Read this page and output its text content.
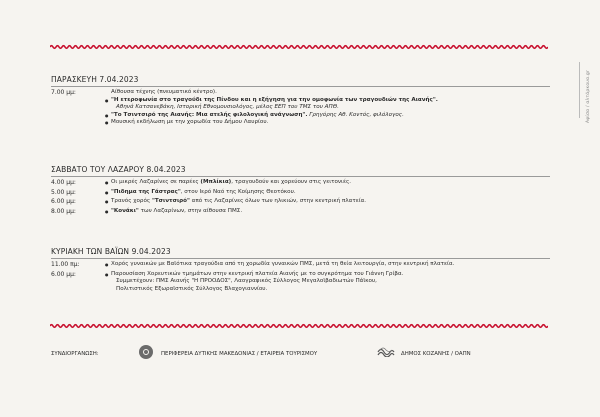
Αφίσα / αλτάρκουα.gr
ΠΑΡΑΣΚΕΥΗ 7.04.2023
7.00 μμ:	Αίθουσα τέχνης (πνευματικό κέντρο).
● "Η ετεροφωνία στο τραγούδι της Πίνδου και η εξήγηση για την ομοφωνία των τραγουδιών της Αιανής".
Αθηνά Κατσανεβάκη, Ιστορική Εθνομουσιολόγος, μέλος ΕΕΠ του ΤΜΣ του ΑΠΘ.
● "Το Τσιντσιρό της Αιανής: Μια ατελής φιλολογική ανάγνωση". Γρηγόρης Αθ. Κοντός, φιλόλογος.
● Μουσική εκδήλωση με την χορωδία του Δήμου Λαυρίου.
ΣΑΒΒΑΤΟ ΤΟΥ ΛΑΖΑΡΟΥ 8.04.2023
4.00 μμ:	● Οι μικρές Λαζαρίνες σε παρέες (Μπλίκια), τραγουδούν και χορεύουν στις γειτονιές.
5.00 μμ:	● "Πιδημα της Γάστρας", στον Ιερό Ναό της Κοίμησης Θεοτόκου.
6.00 μμ:	● Τρανός χορός "Τσιντσιρό" από τις Λαζαρίνες όλων των ηλικιών, στην κεντρική πλατεία.
8.00 μμ:	● "Κονάκι" των Λαζαρίνων, στην αίθουσα ΠΜΣ.
ΚΥΡΙΑΚΗ ΤΩΝ ΒΑΪΩΝ 9.04.2023
11.00 πμ:	● Χορός γυναικών με Βαϊότικα τραγούδια από τη χορωδία γυναικών ΠΜΣ, μετά τη θεία λειτουργία, στην κεντρική πλατεία.
6.00 μμ:	● Παρουσίαση Χορευτικών τμημάτων στην κεντρική πλατεία Αιανής με το συγκρότημα του Γιάννη Γρίβα.
Συμμετέχουν: ΠΜΣ Αιανής "Η ΠΡΟΟΔΟΣ", Λαογραφικός Σύλλογος Μεγαλοϊβαδιωτών Πάϊκου,
Πολιτιστικός Εξωραϊστικός Σύλλογος Βλαχογιαννίου.
ΣΥΝΔΙΟΡΓΑΝΩΣΗ:	ΠΕΡΙΦΕΡΕΙΑ ΔΥΤΙΚΗΣ ΜΑΚΕΔΟΝΙΑΣ / ΕΤΑΙΡΕΙΑ ΤΟΥΡΙΣΜΟΥ	ΔΗΜΟΣ ΚΟΖΑΝΗΣ / ΟΑΠΝ
